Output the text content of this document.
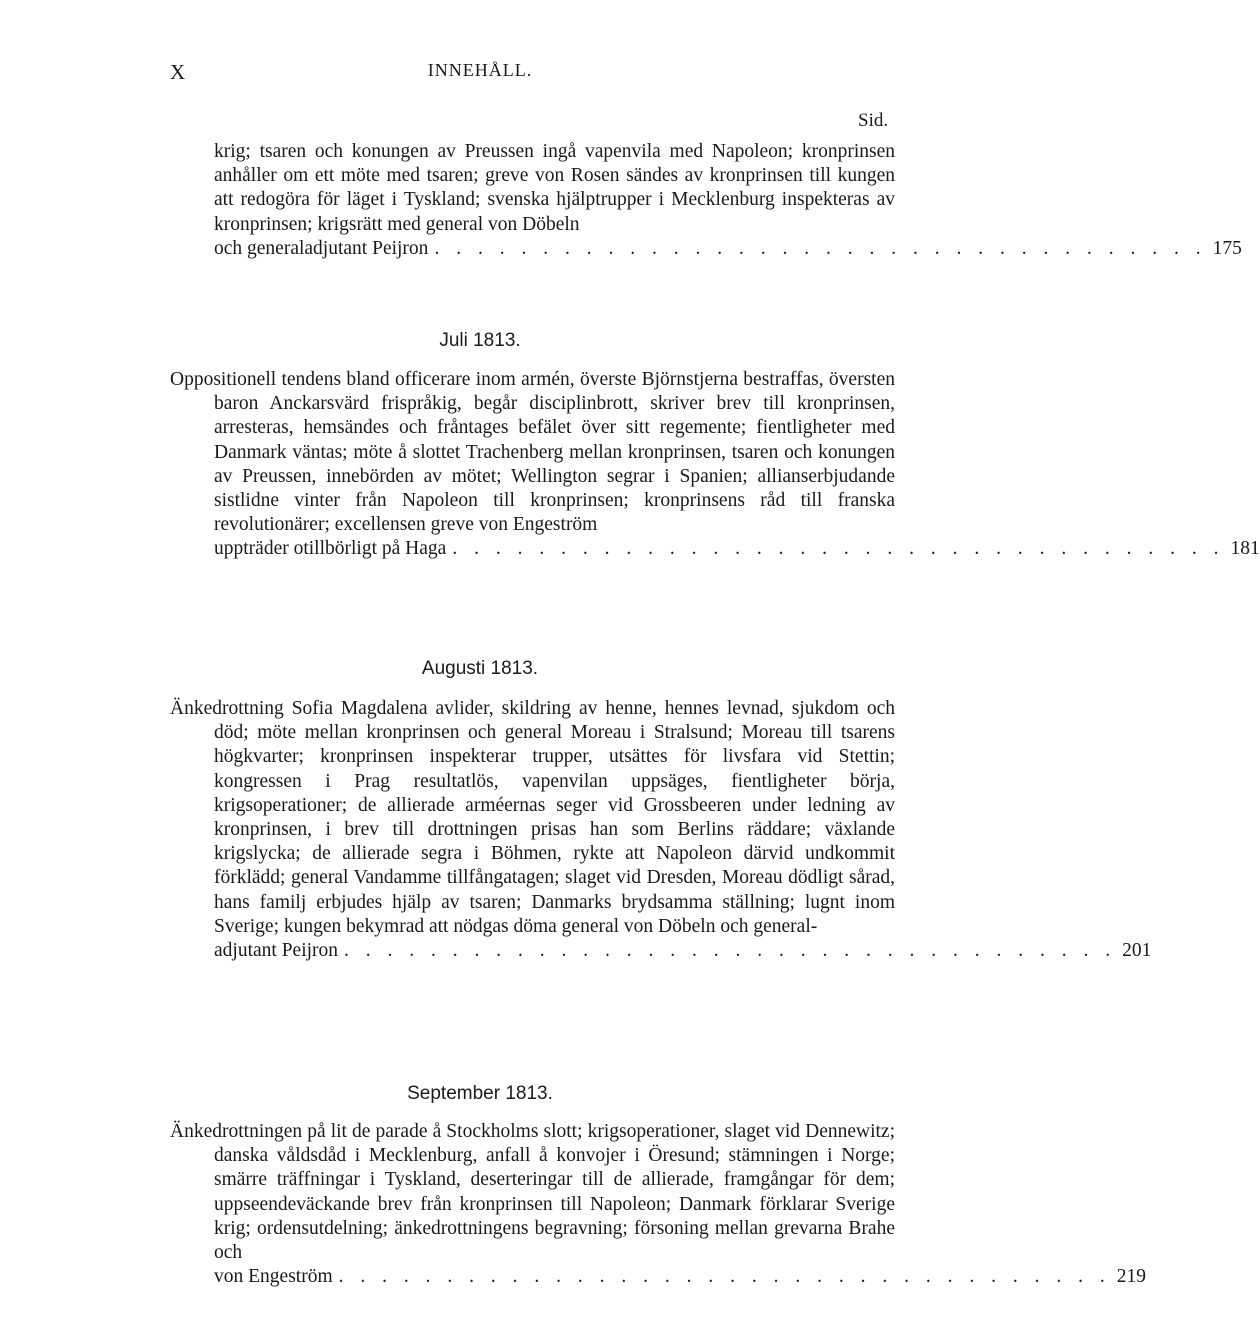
X	INNEHÅLL.
Sid.

krig; tsaren och konungen av Preussen ingå vapenvila med Napoleon; kronprinsen anhåller om ett möte med tsaren; greve von Rosen sändes av kronprinsen till kungen att redogöra för läget i Tyskland; svenska hjälptrupper i Mecklenburg inspekteras av kronprinsen; krigsrätt med general von Döbeln

och generaladjutant Peijron . . . . . . . . . . . . . . . . . . . . . . . . . . . . . . . . . . . . 175
Juli 1813.

Oppositionell tendens bland officerare inom armén, överste Björnstjerna bestraffas, översten baron Anckarsvärd frispråkig, begår disciplinbrott, skriver brev till kronprinsen, arresteras, hemsändes och fråntages befälet över sitt regemente; fientligheter med Danmark väntas; möte å slottet Trachenberg mellan kronprinsen, tsaren och konungen av Preussen, innebörden av mötet; Wellington segrar i Spanien; allianserbjudande sistlidne vinter från Napoleon till kronprinsen; kronprinsens råd till franska revolutionärer; excellensen greve von Engeström

uppträder otillbörligt på Haga . . . . . . . . . . . . . . . . . . . . . . . . . . . . . . . . . . . . 181
Augusti 1813.

Änkedrottning Sofia Magdalena avlider, skildring av henne, hennes levnad, sjukdom och död; möte mellan kronprinsen och general Moreau i Stralsund; Moreau till tsarens högkvarter; kronprinsen inspekterar trupper, utsättes för livsfara vid Stettin; kongressen i Prag resultatlös, vapenvilan uppsäges, fientligheter börja, krigsoperationer; de allierade arméernas seger vid Grossbeeren under ledning av kronprinsen, i brev till drottningen prisas han som Berlins räddare; växlande krigslycka; de allierade segra i Böhmen, rykte att Napoleon därvid undkommit förklädd; general Vandamme tillfångatagen; slaget vid Dresden, Moreau dödligt sårad, hans familj erbjudes hjälp av tsaren; Danmarks brydsamma ställning; lugnt inom Sverige; kungen bekymrad att nödgas döma general von Döbeln och general-

adjutant Peijron . . . . . . . . . . . . . . . . . . . . . . . . . . . . . . . . . . . . 201
September 1813.

Änkedrottningen på lit de parade å Stockholms slott; krigsoperationer, slaget vid Dennewitz; danska våldsdåd i Mecklenburg, anfall å konvojer i Öresund; stämningen i Norge; smärre träffningar i Tyskland, deserteringar till de allierade, framgångar för dem; uppseendeväckande brev från kronprinsen till Napoleon; Danmark förklarar Sverige krig; ordensutdelning; änkedrottningens begravning; försoning mellan grevarna Brahe och

von Engeström . . . . . . . . . . . . . . . . . . . . . . . . . . . . . . . . . . . . 219
